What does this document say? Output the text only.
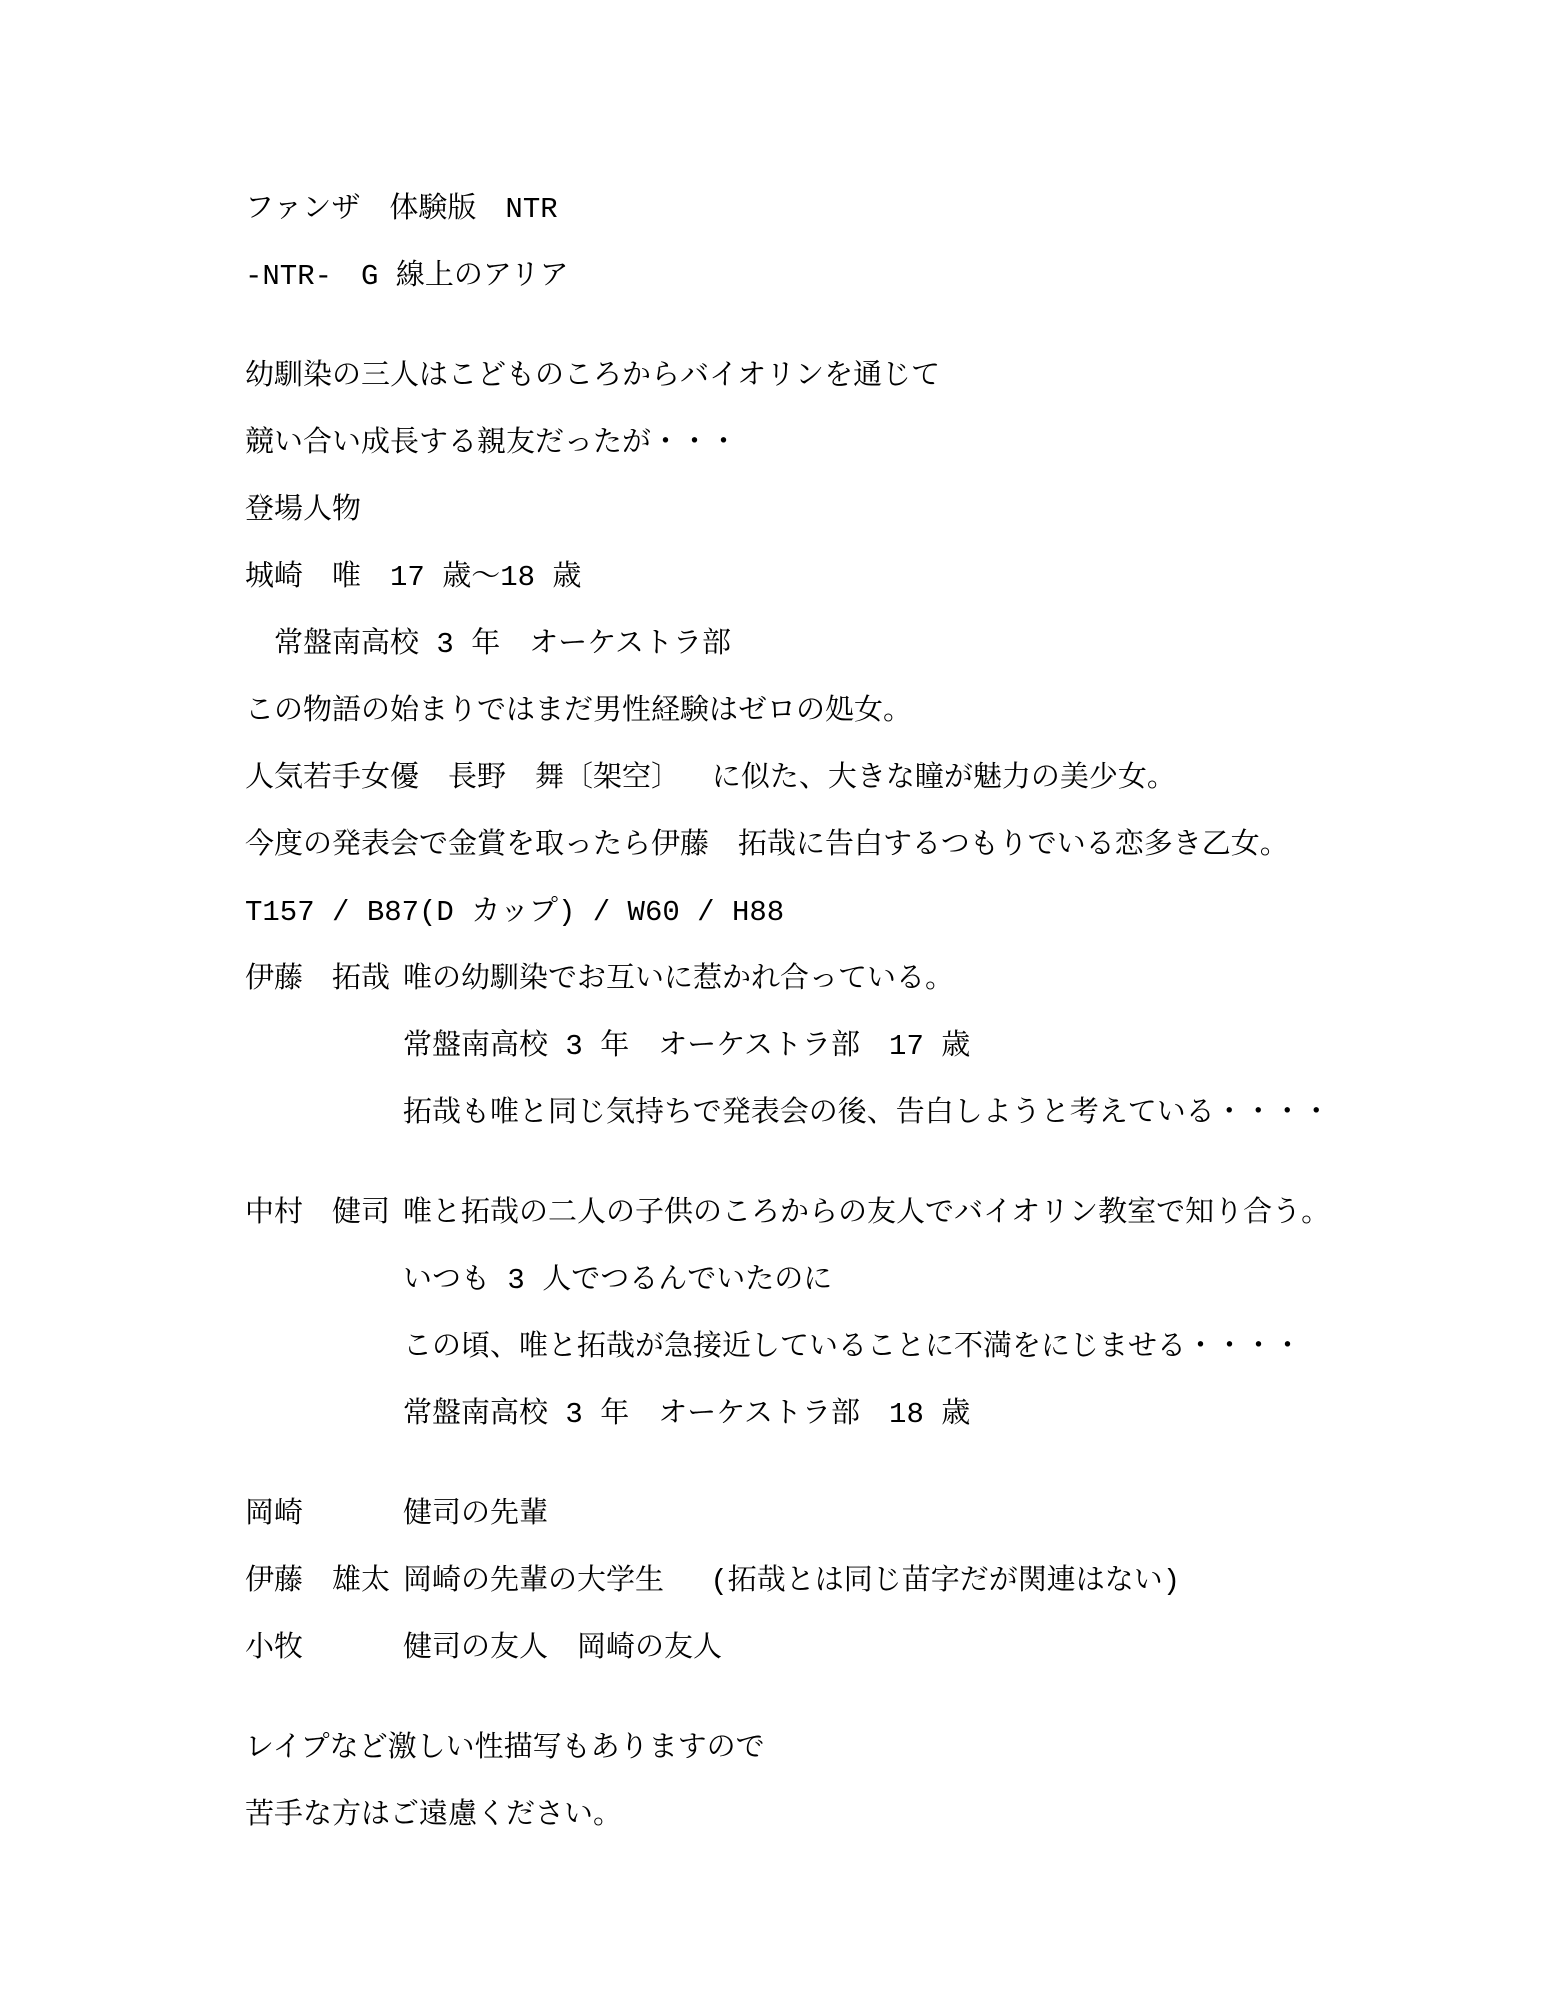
ファンザ　体験版　NTR

-NTR-　G 線上のアリア

幼馴染の三人はこどものころからバイオリンを通じて

競い合い成長する親友だったが・・・

登場人物

城崎　唯　17 歳～18 歳

　常盤南高校 3 年　オーケストラ部

この物語の始まりではまだ男性経験はゼロの処女。

人気若手女優　長野　舞〔架空〕　 に似た、大きな瞳が魅力の美少女。

今度の発表会で金賞を取ったら伊藤　拓哉に告白するつもりでいる恋多き乙女。

T157 / B87(D カップ) / W60 / H88

伊藤　拓哉 唯の幼馴染でお互いに惹かれ合っている。

常盤南高校 3 年　オーケストラ部　17 歳

拓哉も唯と同じ気持ちで発表会の後、告白しようと考えている・・・・

中村　健司 唯と拓哉の二人の子供のころからの友人でバイオリン教室で知り合う。

いつも 3 人でつるんでいたのに

この頃、唯と拓哉が急接近していることに不満をにじませる・・・・

常盤南高校 3 年　オーケストラ部　18 歳

岡崎	健司の先輩
伊藤　雄太 岡崎の先輩の大学生　 (拓哉とは同じ苗字だが関連はない)
小牧	健司の友人　岡崎の友人

レイプなど激しい性描写もありますので

苦手な方はご遠慮ください。
